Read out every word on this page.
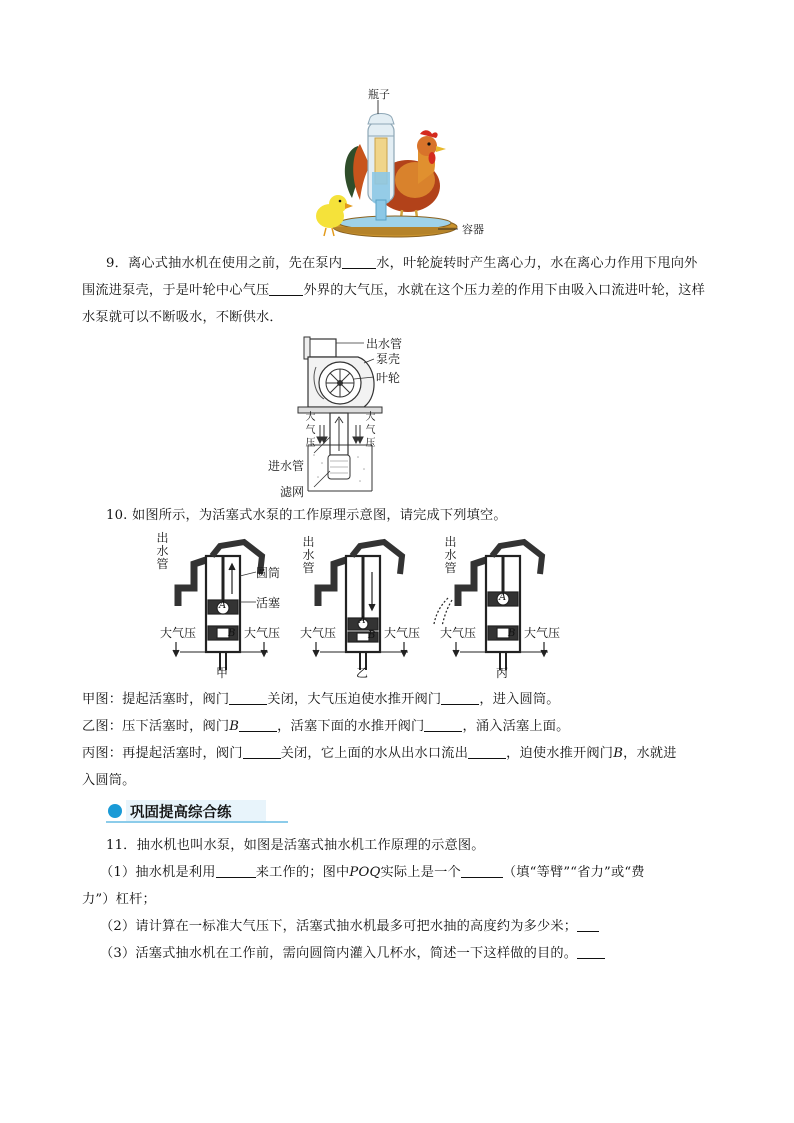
瓶子
容器
9．离心式抽水机在使用之前，先在泵内	水，叶轮旋转时产生离心力，水在离心力作用下甩向外
围流进泵壳，于是叶轮中心气压	外界的大气压，水就在这个压力差的作用下由吸入口流进叶轮，这样
水泵就可以不断吸水，不断供水．
出水管
泵壳
叶轮
大气压
大气压
进水管
滤网
10. 如图所示，为活塞式水泵的工作原理示意图，请完成下列填空。
出水管
出水管
出水管
圆筒
活塞
A
B
A
B
A
B
大气压	大气压 大气压	大气压 大气压	大气压
甲	乙	丙
甲图：提起活塞时，阀门	关闭，大气压迫使水推开阀门	，进入圆筒。
乙图：压下活塞时，阀门B	，活塞下面的水推开阀门	，涌入活塞上面。
丙图：再提起活塞时，阀门	关闭，它上面的水从出水口流出	，迫使水推开阀门B，水就进
入圆筒。
巩固提高综合练
11．抽水机也叫水泵，如图是活塞式抽水机工作原理的示意图。
（1）抽水机是利用	来工作的；图中POQ实际上是一个	（填“等臂”“省力”或“费
力”）杠杆；
（2）请计算在一标准大气压下，活塞式抽水机最多可把水抽的高度约为多少米；
（3）活塞式抽水机在工作前，需向圆筒内灌入几杯水，简述一下这样做的目的。
